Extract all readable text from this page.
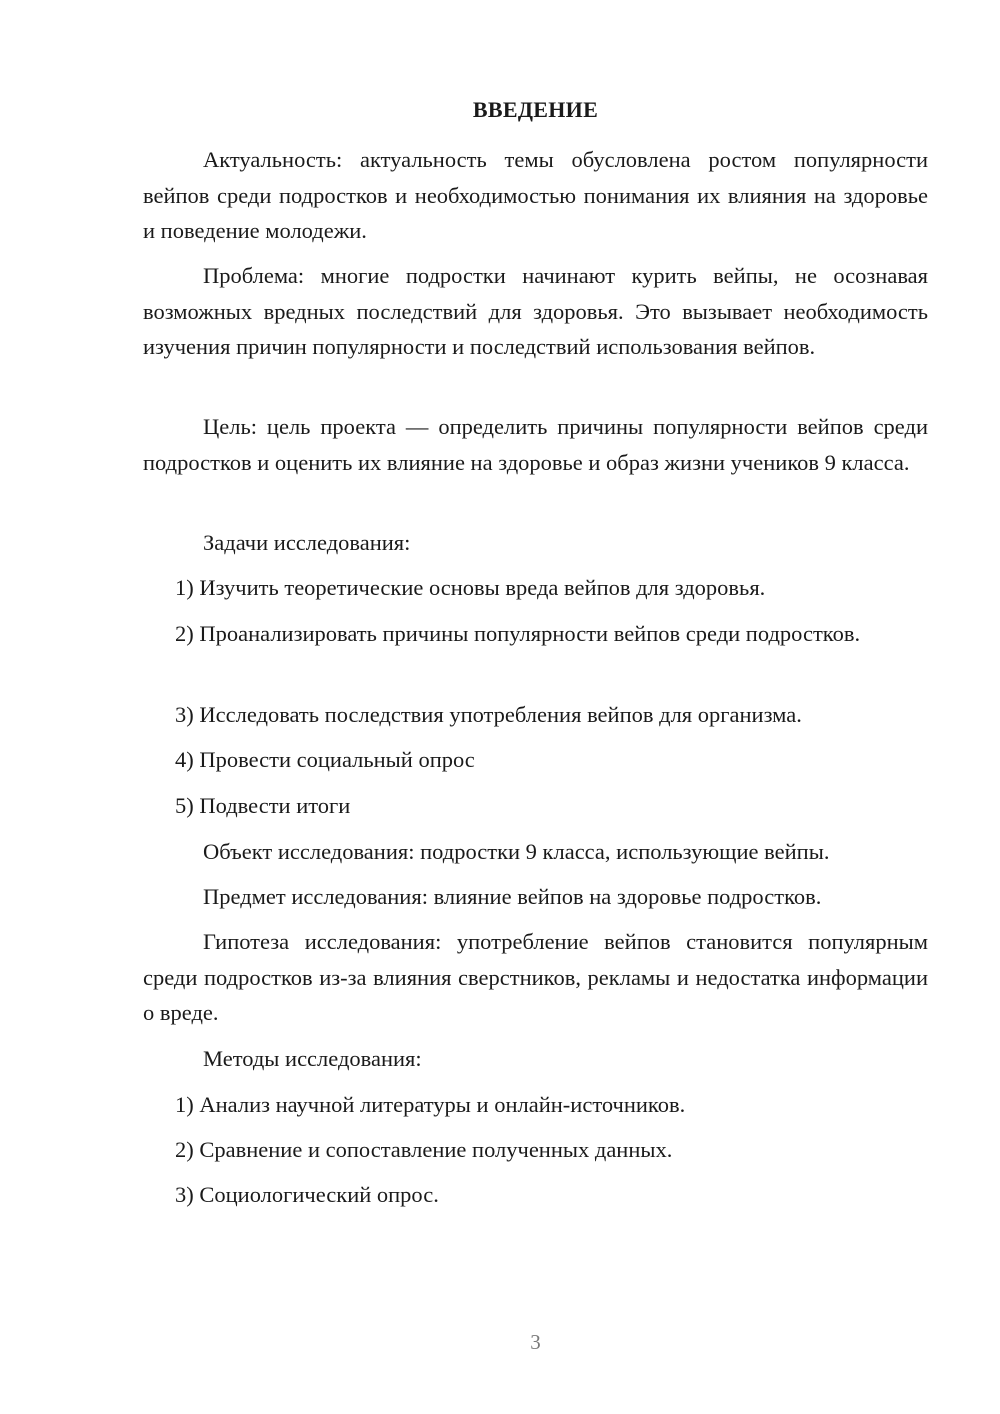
ВВЕДЕНИЕ

Актуальность: актуальность темы обусловлена ростом популярности вейпов среди подростков и необходимостью понимания их влияния на здоровье и поведение молодежи.

Проблема: многие подростки начинают курить вейпы, не осознавая возможных вредных последствий для здоровья. Это вызывает необходимость изучения причин популярности и последствий использования вейпов.

Цель: цель проекта — определить причины популярности вейпов среди подростков и оценить их влияние на здоровье и образ жизни учеников 9 класса.

Задачи исследования:

1) Изучить теоретические основы вреда вейпов для здоровья.

2) Проанализировать причины популярности вейпов среди подростков.

3) Исследовать последствия употребления вейпов для организма.

4) Провести социальный опрос

5) Подвести итоги

Объект исследования: подростки 9 класса, использующие вейпы.

Предмет исследования: влияние вейпов на здоровье подростков.

Гипотеза исследования: употребление вейпов становится популярным среди подростков из-за влияния сверстников, рекламы и недостатка информации о вреде.

Методы исследования:

1) Анализ научной литературы и онлайн-источников.

2) Сравнение и сопоставление полученных данных.

3) Социологический опрос.

3
